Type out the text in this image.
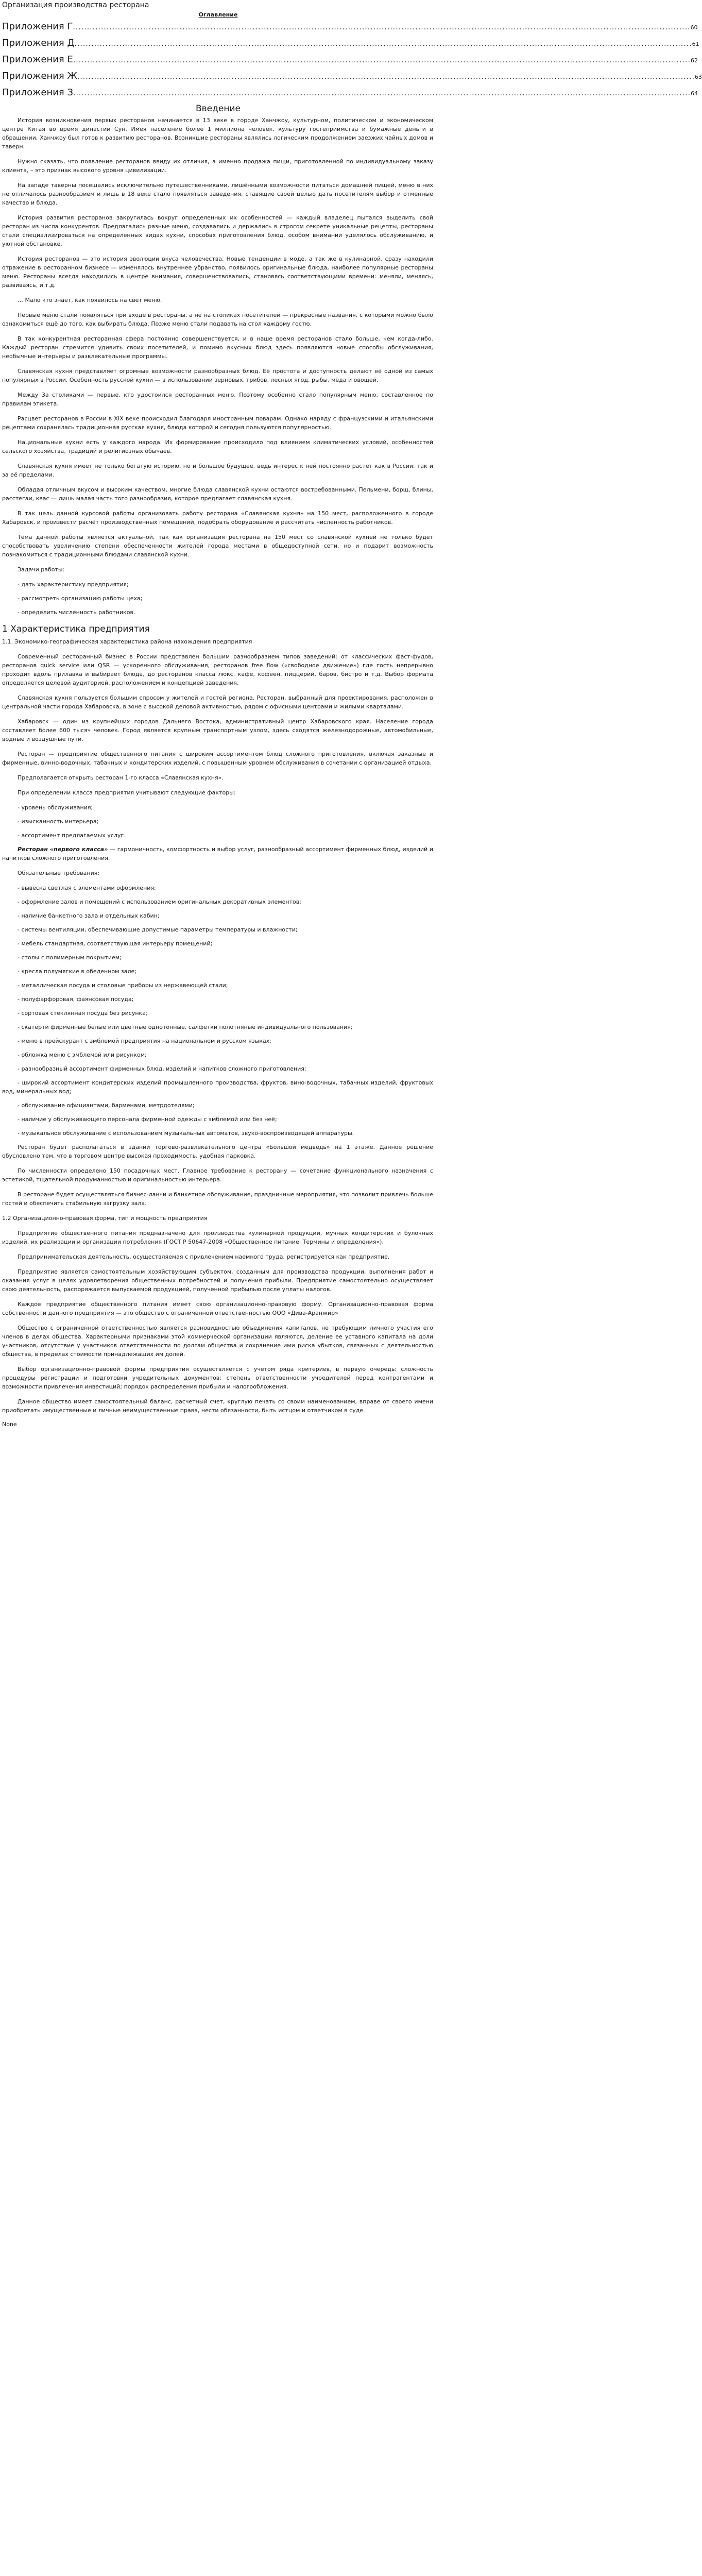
Организация производства ресторана
Оглавление
Приложения Г ............................................................................................................................................................................................................................ 60
Приложения Д ............................................................................................................................................................................................................................ 61
Приложения Е ............................................................................................................................................................................................................................ 62
Приложения Ж ............................................................................................................................................................................................................................ 63
Приложения З ............................................................................................................................................................................................................................ 64
Введение
История возникновения первых ресторанов начинается в 13 веке в городе Ханчжоу, культурном, политическом и экономическом центре Китая во время династии Сун. Имея население более 1 миллиона человек, культуру гостеприимства и бумажные деньги в обращении, Ханчжоу был готов к развитию ресторанов. Возникшие рестораны являлись логическим продолжением заезжих чайных домов и таверн.
Нужно сказать, что появление ресторанов ввиду их отличия, а именно продажа пищи, приготовленной по индивидуальному заказу клиента, – это признак высокого уровня цивилизации.
На западе таверны посещались исключительно путешественниками, лишёнными возможности питаться домашней пищей, меню в них не отличалось разнообразием и лишь в 18 веке стало появляться заведения, ставящие своей целью дать посетителям выбор и отменные качество и блюда.
История развития ресторанов закругилась вокруг определенных их особенностей — каждый владелец пытался выделить свой ресторан из числа конкурентов. Предлагались разные меню, создавались и держались в строгом секрете уникальные рецепты, рестораны стали специализироваться на определенных видах кухни, способах приготовления блюд, особом внимании уделялось обслуживанию, и уютной обстановке.
История ресторанов — это история эволюции вкуса человечества. Новые тенденции в моде, а так же в кулинарной, сразу находили отражение в ресторанном бизнесе — изменялось внутреннее убранство, появилось оригинальные блюда, наиболее популярные рестораны меню. Рестораны всегда находились в центре внимания, совершенствовались, становясь соответствующими времени: меняли, меняясь, развиваясь, и.т.д.
… Мало кто знает, как появилось на свет меню.
Первые меню стали появляться при входе в рестораны, а не на столиках посетителей — прекрасные названия, с которыми можно было ознакомиться ещё до того, как выбирать блюда. Позже меню стали подавать на стол каждому гостю.
В так конкурентная ресторанная сфера постоянно совершенствуется, и в наше время ресторанов стало больше, чем когда-либо. Каждый ресторан стремится удивить своих посетителей, и помимо вкусных блюд здесь появляются новые способы обслуживания, необычные интерьеры и развлекательные программы.
Славянская кухня представляет огромные возможности разнообразных блюд. Её простота и доступность делают её одной из самых популярных в России. Особенность русской кухни — в использовании зерновых, грибов, лесных ягод, рыбы, мёда и овощей.
Между За столиками — первые, кто удостоился ресторанных меню. Поэтому особенно стало популярным меню, составленное по правилам этикета.
Расцвет ресторанов в России в XIX веке происходил благодаря иностранным поварам. Однако наряду с французскими и итальянскими рецептами сохранялась традиционная русская кухня, блюда которой и сегодня пользуются популярностью.
Национальные кухни есть у каждого народа. Их формирование происходило под влиянием климатических условий, особенностей сельского хозяйства, традиций и религиозных обычаев.
Славянская кухня имеет не только богатую историю, но и большое будущее, ведь интерес к ней постоянно растёт как в России, так и за её пределами.
Обладая отличным вкусом и высоким качеством, многие блюда славянской кухни остаются востребованными. Пельмени, борщ, блины, расстегаи, квас — лишь малая часть того разнообразия, которое предлагает славянская кухня.
В так цель данной курсовой работы организовать работу ресторана «Славянская кухня» на 150 мест, расположенного в городе Хабаровск, и произвести расчёт производственных помещений, подобрать оборудование и рассчитать численность работников.
Тема данной работы является актуальной, так как организация ресторана на 150 мест со славянской кухней не только будет способствовать увеличению степени обеспеченности жителей города местами в общедоступной сети, но и подарит возможность познакомиться с традиционными блюдами славянской кухни.
Задачи работы:
- дать характеристику предприятия;
- рассмотреть организацию работы цеха;
- определить численность работников.
1 Характеристика предприятия
1.1. Экономико-географическая характеристика района нахождения предприятия
Современный ресторанный бизнес в России представлен большим разнообразием типов заведений: от классических фаст-фудов, ресторанов quick service или QSR — ускоренного обслуживания, ресторанов free flow («свободное движение») где гость непрерывно проходит вдоль прилавка и выбирает блюда, до ресторанов класса люкс, кафе, кофеен, пиццерий, баров, бистро и т.д. Выбор формата определяется целевой аудиторией, расположением и концепцией заведения.
Славянская кухня пользуется большим спросом у жителей и гостей региона. Ресторан, выбранный для проектирования, расположен в центральной части города Хабаровска, в зоне с высокой деловой активностью, рядом с офисными центрами и жилыми кварталами.
Хабаровск — один из крупнейших городов Дальнего Востока, административный центр Хабаровского края. Население города составляет более 600 тысяч человек. Город является крупным транспортным узлом, здесь сходятся железнодорожные, автомобильные, водные и воздушные пути.
Ресторан — предприятие общественного питания с широким ассортиментом блюд сложного приготовления, включая заказные и фирменные, винно-водочных, табачных и кондитерских изделий, с повышенным уровнем обслуживания в сочетании с организацией отдыха.
Предполагается открыть ресторан 1-го класса «Славянская кухня».
При определении класса предприятия учитывают следующие факторы:
- уровень обслуживания;
- изысканность интерьера;
- ассортимент предлагаемых услуг.
Ресторан «первого класса» — гармоничность, комфортность и выбор услуг, разнообразный ассортимент фирменных блюд, изделий и напитков сложного приготовления.
Обязательные требования:
- вывеска светлая с элементами оформления;
- оформление залов и помещений с использованием оригинальных декоративных элементов;
- наличие банкетного зала и отдельных кабин;
- системы вентиляции, обеспечивающие допустимые параметры температуры и влажности;
- мебель стандартная, соответствующая интерьеру помещений;
- столы с полимерным покрытием;
- кресла полумягкие в обеденном зале;
- металлическая посуда и столовые приборы из нержавеющей стали;
- полуфарфоровая, фаянсовая посуда;
- сортовая стеклянная посуда без рисунка;
- скатерти фирменные белые или цветные однотонные, салфетки полотняные индивидуального пользования;
- меню в прейскурант с эмблемой предприятия на национальном и русском языках;
- обложка меню с эмблемой или рисунком;
- разнообразный ассортимент фирменных блюд, изделий и напитков сложного приготовления;
- широкий ассортимент кондитерских изделий промышленного производства, фруктов, вино-водочных, табачных изделий, фруктовых вод, минеральных вод;
- обслуживание официантами, барменами, метрдотелями;
- наличие у обслуживающего персонала фирменной одежды с эмблемой или без неё;
- музыкальное обслуживание с использованием музыкальных автоматов, звуко-воспроизводящей аппаратуры.
Ресторан будет располагаться в здании торгово-развлекательного центра «Большой медведь» на 1 этаже. Данное решение обусловлено тем, что в торговом центре высокая проходимость, удобная парковка.
По численности определено 150 посадочных мест. Главное требование к ресторану — сочетание функционального назначения с эстетикой, тщательной продуманностью и оригинальностью интерьера.
В ресторане будет осуществляться бизнес-ланчи и банкетное обслуживание, праздничные мероприятия, что позволит привлечь больше гостей и обеспечить стабильную загрузку зала.
1.2 Организационно-правовая форма, тип и мощность предприятия
Предприятие общественного питания предназначено для производства кулинарной продукции, мучных кондитерских и булочных изделий, их реализации и организации потребления (ГОСТ Р 50647-2008 «Общественное питание. Термины и определения»).
Предпринимательская деятельность, осуществляемая с привлечением наемного труда, регистрируется как предприятие.
Предприятие является самостоятельным хозяйствующим субъектом, созданным для производства продукции, выполнения работ и оказания услуг в целях удовлетворения общественных потребностей и получения прибыли. Предприятие самостоятельно осуществляет свою деятельность, распоряжается выпускаемой продукцией, полученной прибылью после уплаты налогов.
Каждое предприятие общественного питания имеет свою организационно-правовую форму. Организационно-правовая форма собственности данного предприятия — это общество с ограниченной ответственностью ООО «Дива-Аранжир»
Общество с ограниченной ответственностью является разновидностью объединения капиталов, не требующим личного участия его членов в делах общества. Характерными признаками этой коммерческой организации являются, деление ее уставного капитала на доли участников, отсутствие у участников ответственности по долгам общества и сохранение ими риска убытков, связанных с деятельностью общества, в пределах стоимости принадлежащих им долей.
Выбор организационно-правовой формы предприятия осуществляется с учетом ряда критериев, в первую очередь: сложность процедуры регистрации и подготовки учредительных документов; степень ответственности учредителей перед контрагентами и возможности привлечения инвестиций; порядок распределения прибыли и налогообложения.
Данное общество имеет самостоятельный баланс, расчетный счет, круглую печать со своим наименованием, вправе от своего имени приобретать имущественные и личные неимущественные права, нести обязанности, быть истцом и ответчиком в суде.
None
